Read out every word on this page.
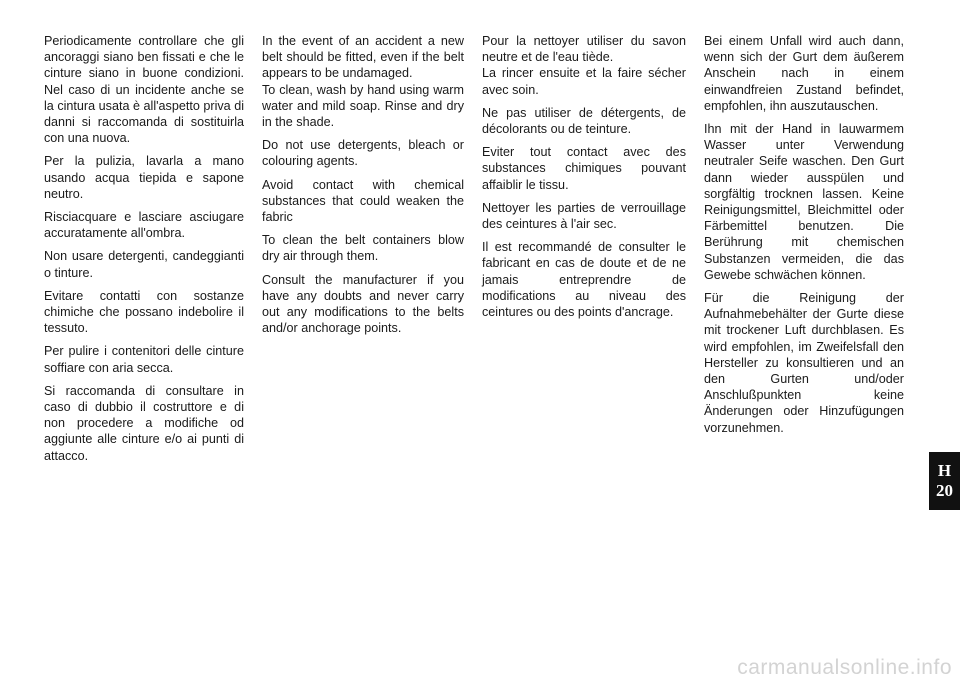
Periodicamente controllare che gli ancoraggi siano ben fissati e che le cinture siano in buone condizioni. Nel caso di un incidente anche se la cintura usata è all'aspetto priva di danni si raccomanda di sostituirla con una nuova.

Per la pulizia, lavarla a mano usando acqua tiepida e sapone neutro.

Risciacquare e lasciare asciugare accuratamente all'ombra.

Non usare detergenti, candeggianti o tinture.

Evitare contatti con sostanze chimiche che possano indebolire il tessuto.

Per pulire i contenitori delle cinture soffiare con aria secca.

Si raccomanda di consultare in caso di dubbio il costruttore e di non procedere a modifiche od aggiunte alle cinture e/o ai punti di attacco.

In the event of an accident a new belt should be fitted, even if the belt appears to be undamaged.

To clean, wash by hand using warm water and mild soap. Rinse and dry in the shade.

Do not use detergents, bleach or colouring agents.

Avoid contact with chemical substances that could weaken the fabric

To clean the belt containers blow dry air through them.

Consult the manufacturer if you have any doubts and never carry out any modifications to the belts and/or anchorage points.

Pour la nettoyer utiliser du savon neutre et de l'eau tiède.

La rincer ensuite et la faire sécher avec soin.

Ne pas utiliser de détergents, de décolorants ou de teinture.

Eviter tout contact avec des substances chimiques pouvant affaiblir le tissu.

Nettoyer les parties de verrouillage des ceintures à l'air sec.

Il est recommandé de consulter le fabricant en cas de doute et de ne jamais entreprendre de modifications au niveau des ceintures ou des points d'ancrage.

Bei einem Unfall wird auch dann, wenn sich der Gurt dem äußerem Anschein nach in einem einwandfreien Zustand befindet, empfohlen, ihn auszutauschen.

Ihn mit der Hand in lauwarmem Wasser unter Verwendung neutraler Seife waschen. Den Gurt dann wieder ausspülen und sorgfältig trocknen lassen. Keine Reinigungsmittel, Bleichmittel oder Färbemittel benutzen. Die Berührung mit chemischen Substanzen vermeiden, die das Gewebe schwächen können.

Für die Reinigung der Aufnahmebehälter der Gurte diese mit trockener Luft durchblasen. Es wird empfohlen, im Zweifelsfall den Hersteller zu konsultieren und an den Gurten und/oder Anschlußpunkten keine Änderungen oder Hinzufügungen vorzunehmen.

H
20
carmanualsonline.info
